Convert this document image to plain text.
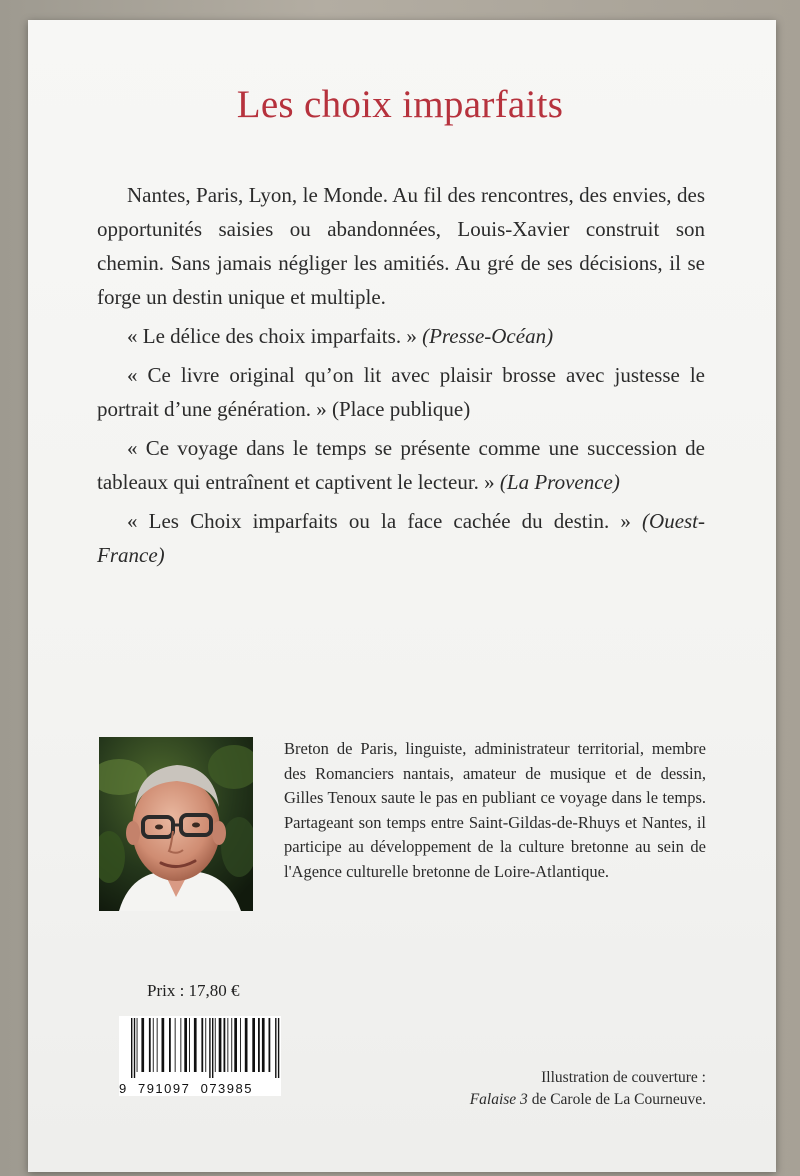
Les choix imparfaits

Nantes, Paris, Lyon, le Monde. Au fil des rencontres, des envies, des opportunités saisies ou abandonnées, Louis-Xavier construit son chemin. Sans jamais négliger les amitiés. Au gré de ses décisions, il se forge un destin unique et multiple.

« Le délice des choix imparfaits. » (Presse-Océan)

« Ce livre original qu’on lit avec plaisir brosse avec justesse le portrait d’une génération. » (Place publique)

« Ce voyage dans le temps se présente comme une succession de tableaux qui entraînent et captivent le lecteur. » (La Provence)

« Les Choix imparfaits ou la face cachée du destin. » (Ouest-France)

Breton de Paris, linguiste, administrateur territorial, membre des Romanciers nantais, amateur de musique et de dessin, Gilles Tenoux saute le pas en publiant ce voyage dans le temps. Partageant son temps entre Saint-Gildas-de-Rhuys et Nantes, il participe au développement de la culture bretonne au sein de l'Agence culturelle bretonne de Loire-Atlantique.
Prix : 17,80 €
9 791097 073985
Illustration de couverture :
Falaise 3 de Carole de La Courneuve.
